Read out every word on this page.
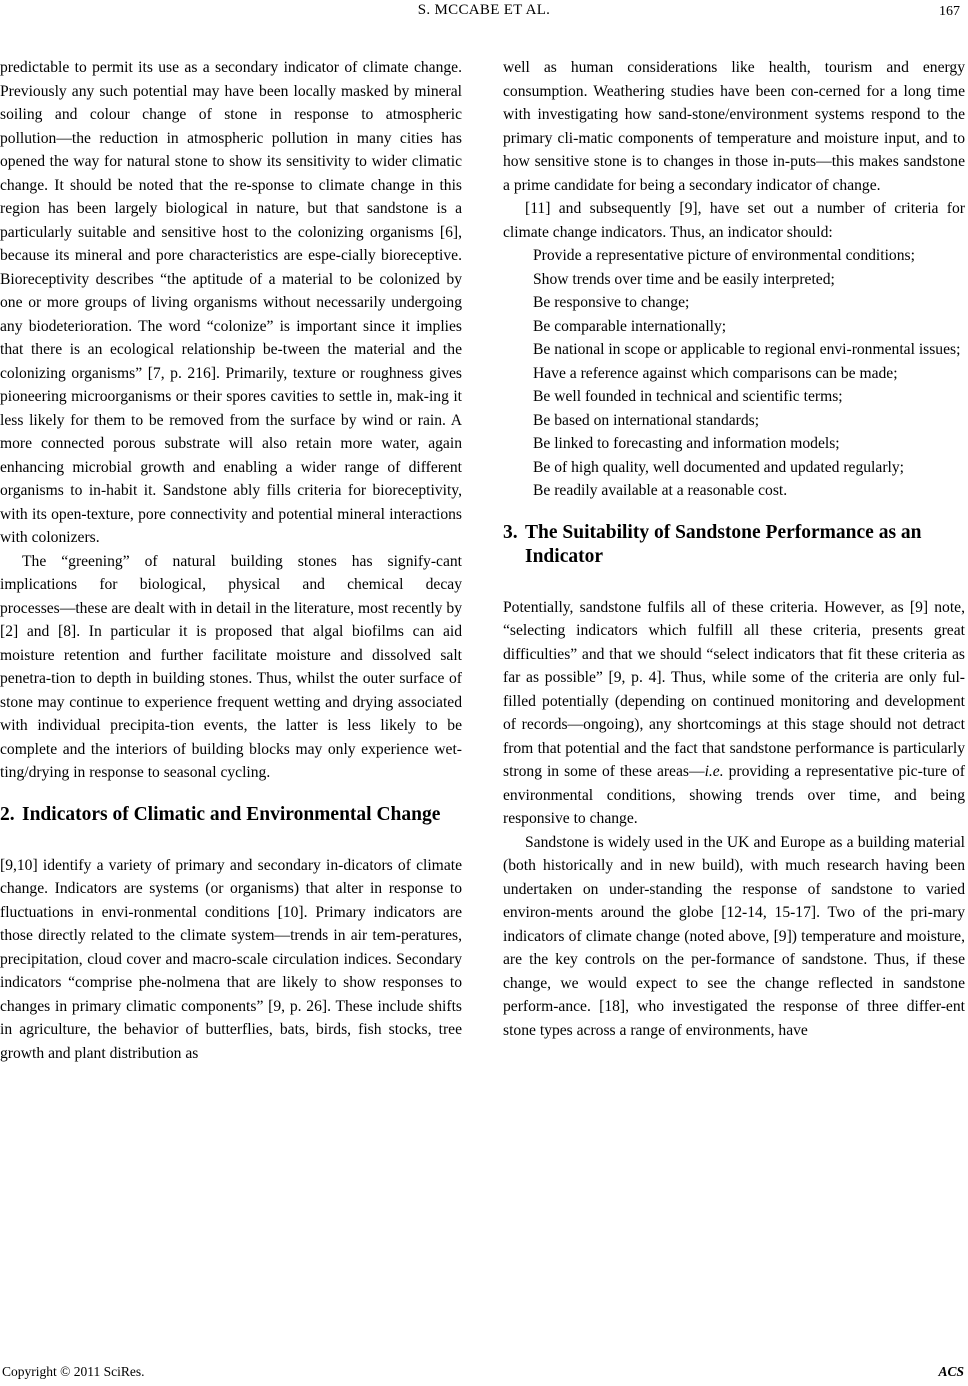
S. MCCABE ET AL.	167

predictable to permit its use as a secondary indicator of climate change. Previously any such potential may have been locally masked by mineral soiling and colour change of stone in response to atmospheric pollution―the reduction in atmospheric pollution in many cities has opened the way for natural stone to show its sensitivity to wider climatic change. It should be noted that the re-sponse to climate change in this region has been largely biological in nature, but that sandstone is a particularly suitable and sensitive host to the colonizing organisms [6], because its mineral and pore characteristics are espe-cially bioreceptive. Bioreceptivity describes “the aptitude of a material to be colonized by one or more groups of living organisms without necessarily undergoing any biodeterioration. The word “colonize” is important since it implies that there is an ecological relationship be-tween the material and the colonizing organisms” [7, p. 216]. Primarily, texture or roughness gives pioneering microorganisms or their spores cavities to settle in, mak-ing it less likely for them to be removed from the surface by wind or rain. A more connected porous substrate will also retain more water, again enhancing microbial growth and enabling a wider range of different organisms to in-habit it. Sandstone ably fills criteria for bioreceptivity, with its open-texture, pore connectivity and potential mineral interactions with colonizers.

The “greening” of natural building stones has signify-cant implications for biological, physical and chemical decay processes―these are dealt with in detail in the literature, most recently by [2] and [8]. In particular it is proposed that algal biofilms can aid moisture retention and further facilitate moisture and dissolved salt penetra-tion to depth in building stones. Thus, whilst the outer surface of stone may continue to experience frequent wetting and drying associated with individual precipita-tion events, the latter is less likely to be complete and the interiors of building blocks may only experience wet-ting/drying in response to seasonal cycling.

2. Indicators of Climatic and Environmental Change

[9,10] identify a variety of primary and secondary in-dicators of climate change. Indicators are systems (or organisms) that alter in response to fluctuations in envi-ronmental conditions [10]. Primary indicators are those directly related to the climate system―trends in air tem-peratures, precipitation, cloud cover and macro-scale circulation indices. Secondary indicators “comprise phe-nolmena that are likely to show responses to changes in primary climatic components” [9, p. 26]. These include shifts in agriculture, the behavior of butterflies, bats, birds, fish stocks, tree growth and plant distribution as

well as human considerations like health, tourism and energy consumption. Weathering studies have been con-cerned for a long time with investigating how sand-stone/environment systems respond to the primary cli-matic components of temperature and moisture input, and to how sensitive stone is to changes in those in-puts―this makes sandstone a prime candidate for being a secondary indicator of change.

[11] and subsequently [9], have set out a number of criteria for climate change indicators. Thus, an indicator should:

Provide a representative picture of environmental conditions;

Show trends over time and be easily interpreted;

Be responsive to change;

Be comparable internationally;

Be national in scope or applicable to regional envi-ronmental issues;

Have a reference against which comparisons can be made;

Be well founded in technical and scientific terms;

Be based on international standards;

Be linked to forecasting and information models;

Be of high quality, well documented and updated regularly;

Be readily available at a reasonable cost.

3. The Suitability of Sandstone Performance as an Indicator

Potentially, sandstone fulfils all of these criteria. However, as [9] note, “selecting indicators which fulfill all these criteria, presents great difficulties” and that we should “select indicators that fit these criteria as far as possible” [9, p. 4]. Thus, while some of the criteria are only ful-filled potentially (depending on continued monitoring and development of records―ongoing), any shortcomings at this stage should not detract from that potential and the fact that sandstone performance is particularly strong in some of these areas―i.e. providing a representative pic-ture of environmental conditions, showing trends over time, and being responsive to change.

Sandstone is widely used in the UK and Europe as a building material (both historically and in new build), with much research having been undertaken on under-standing the response of sandstone to varied environ-ments around the globe [12-14, 15-17]. Two of the pri-mary indicators of climate change (noted above, [9]) temperature and moisture, are the key controls on the per-formance of sandstone. Thus, if these change, we would expect to see the change reflected in sandstone perform-ance. [18], who investigated the response of three differ-ent stone types across a range of environments, have

Copyright © 2011 SciRes.	ACS
